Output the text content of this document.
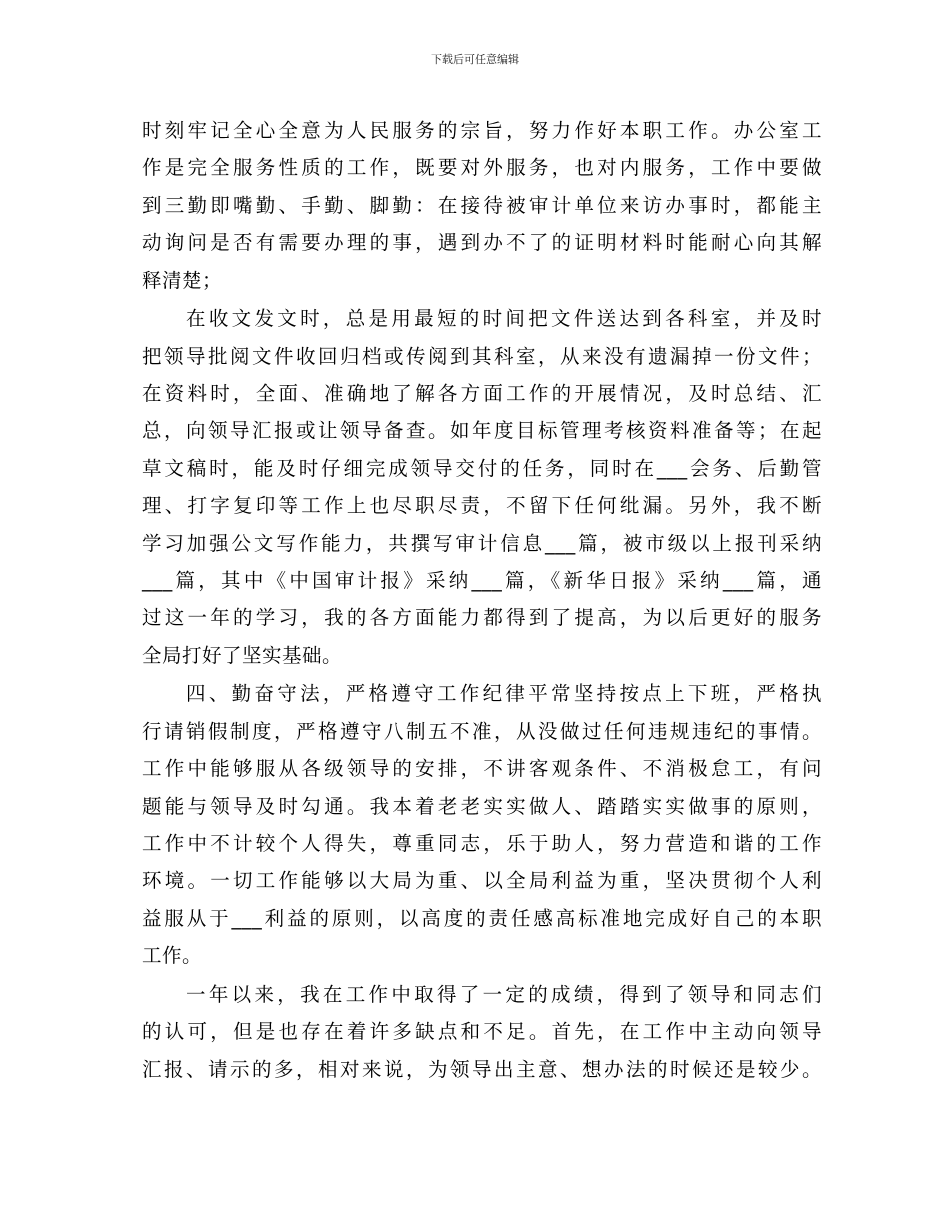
下载后可任意编辑
时刻牢记全心全意为人民服务的宗旨，努力作好本职工作。办公室工
作是完全服务性质的工作，既要对外服务，也对内服务，工作中要做
到三勤即嘴勤、手勤、脚勤：在接待被审计单位来访办事时，都能主
动询问是否有需要办理的事，遇到办不了的证明材料时能耐心向其解
释清楚；
在收文发文时，总是用最短的时间把文件送达到各科室，并及时
把领导批阅文件收回归档或传阅到其科室，从来没有遗漏掉一份文件；
在资料时，全面、准确地了解各方面工作的开展情况，及时总结、汇
总，向领导汇报或让领导备查。如年度目标管理考核资料准备等；在起
草文稿时，能及时仔细完成领导交付的任务，同时在___会务、后勤管
理、打字复印等工作上也尽职尽责，不留下任何纰漏。另外，我不断
学习加强公文写作能力，共撰写审计信息___篇，被市级以上报刊采纳
___篇，其中《中国审计报》采纳___篇，《新华日报》采纳___篇，通
过这一年的学习，我的各方面能力都得到了提高，为以后更好的服务
全局打好了坚实基础。
四、勤奋守法，严格遵守工作纪律平常坚持按点上下班，严格执
行请销假制度，严格遵守八制五不准，从没做过任何违规违纪的事情。
工作中能够服从各级领导的安排，不讲客观条件、不消极怠工，有问
题能与领导及时勾通。我本着老老实实做人、踏踏实实做事的原则，
工作中不计较个人得失，尊重同志，乐于助人，努力营造和谐的工作
环境。一切工作能够以大局为重、以全局利益为重，坚决贯彻个人利
益服从于___利益的原则，以高度的责任感高标准地完成好自己的本职
工作。
一年以来，我在工作中取得了一定的成绩，得到了领导和同志们
的认可，但是也存在着许多缺点和不足。首先，在工作中主动向领导
汇报、请示的多，相对来说，为领导出主意、想办法的时候还是较少。
